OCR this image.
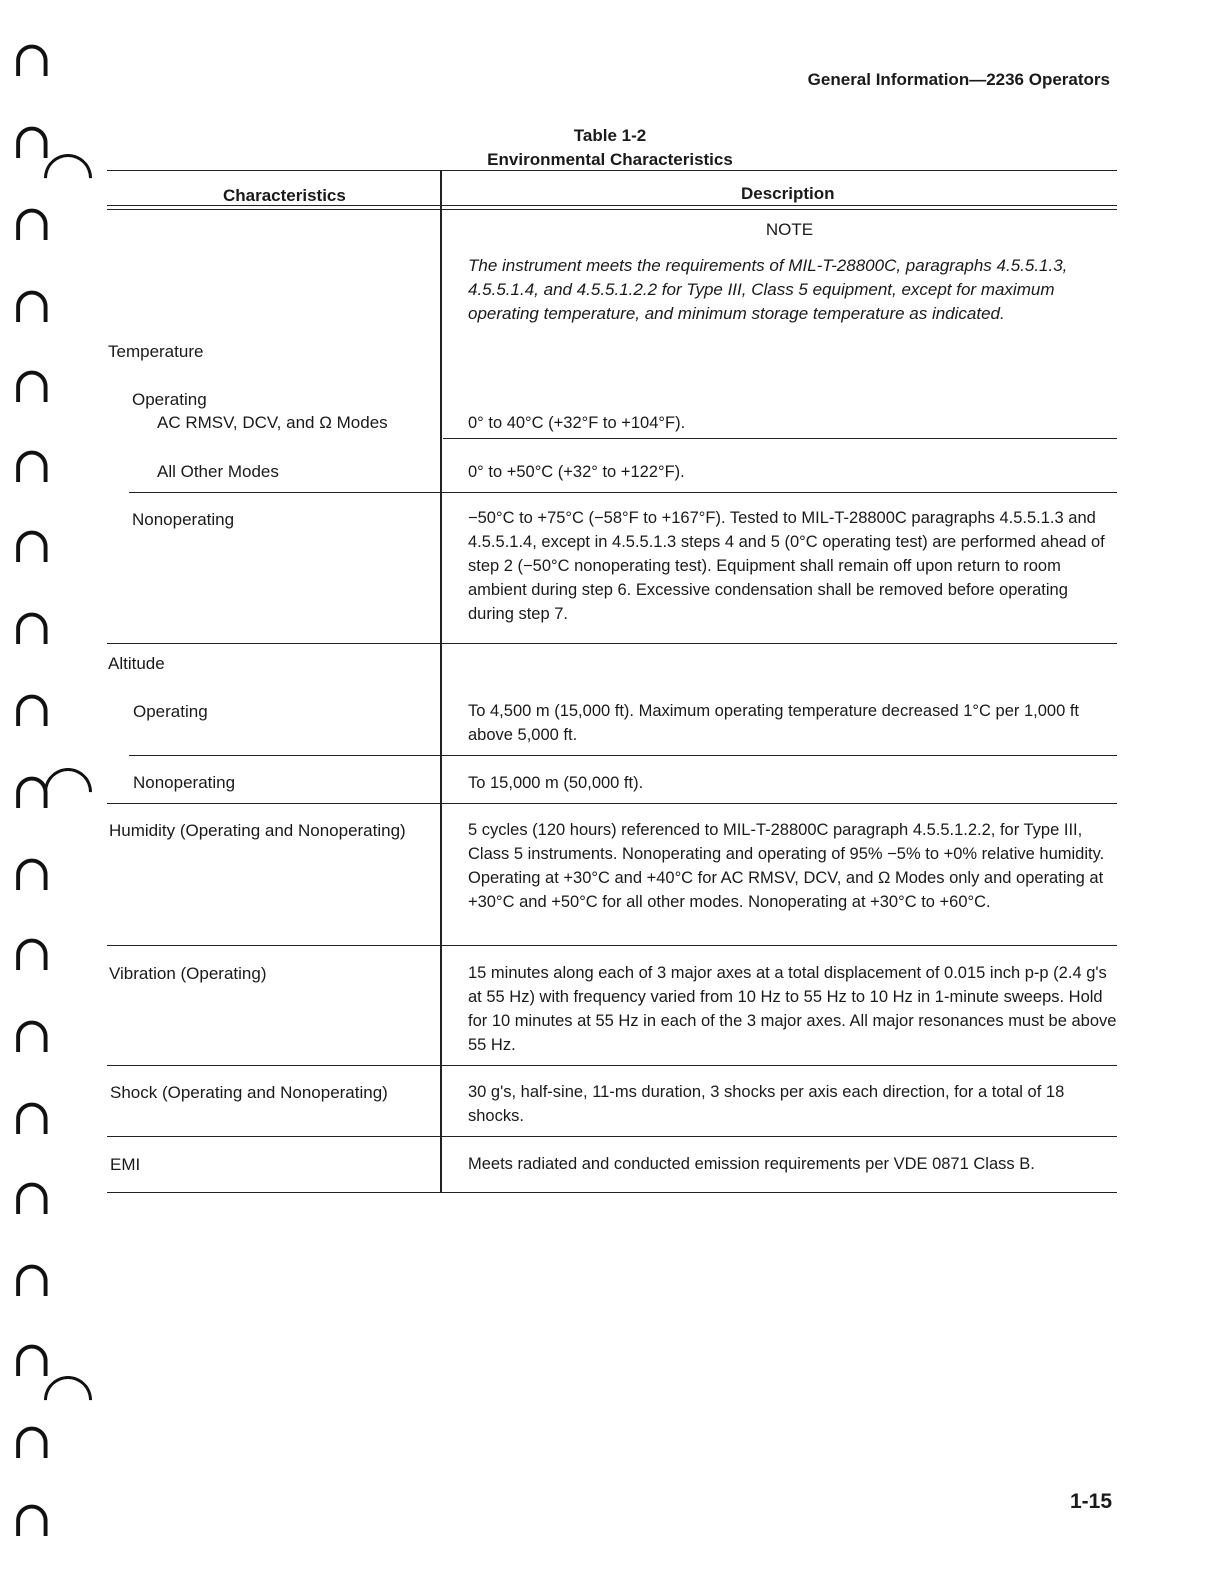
∩
∩
∩
∩
∩
∩
∩
∩
∩
∩
∩
∩
∩
∩
∩
∩
∩
∩
∩
General Information—2236 Operators
Table 1-2
Environmental Characteristics
Characteristics	Description
NOTE
The instrument meets the requirements of MIL-T-28800C, paragraphs 4.5.5.1.3, 4.5.5.1.4, and 4.5.5.1.2.2 for Type III, Class 5 equipment, except for maximum operating temperature, and minimum storage temperature as indicated.
Temperature
Operating
AC RMSV, DCV, and Ω Modes	0° to 40°C (+32°F to +104°F).
All Other Modes	0° to +50°C (+32° to +122°F).
Nonoperating	−50°C to +75°C (−58°F to +167°F). Tested to MIL-T-28800C paragraphs 4.5.5.1.3 and 4.5.5.1.4, except in 4.5.5.1.3 steps 4 and 5 (0°C operating test) are performed ahead of step 2 (−50°C nonoperating test). Equipment shall remain off upon return to room ambient during step 6. Excessive condensation shall be removed before operating during step 7.
Altitude
Operating	To 4,500 m (15,000 ft). Maximum operating temperature decreased 1°C per 1,000 ft above 5,000 ft.
Nonoperating	To 15,000 m (50,000 ft).
Humidity (Operating and Nonoperating)	5 cycles (120 hours) referenced to MIL-T-28800C paragraph 4.5.5.1.2.2, for Type III, Class 5 instruments. Nonoperating and operating of 95% −5% to +0% relative humidity. Operating at +30°C and +40°C for AC RMSV, DCV, and Ω Modes only and operating at +30°C and +50°C for all other modes. Nonoperating at +30°C to +60°C.
Vibration (Operating)	15 minutes along each of 3 major axes at a total displacement of 0.015 inch p-p (2.4 g's at 55 Hz) with frequency varied from 10 Hz to 55 Hz to 10 Hz in 1-minute sweeps. Hold for 10 minutes at 55 Hz in each of the 3 major axes. All major resonances must be above 55 Hz.
Shock (Operating and Nonoperating)	30 g's, half-sine, 11-ms duration, 3 shocks per axis each direction, for a total of 18 shocks.
EMI	Meets radiated and conducted emission requirements per VDE 0871 Class B.
1-15
